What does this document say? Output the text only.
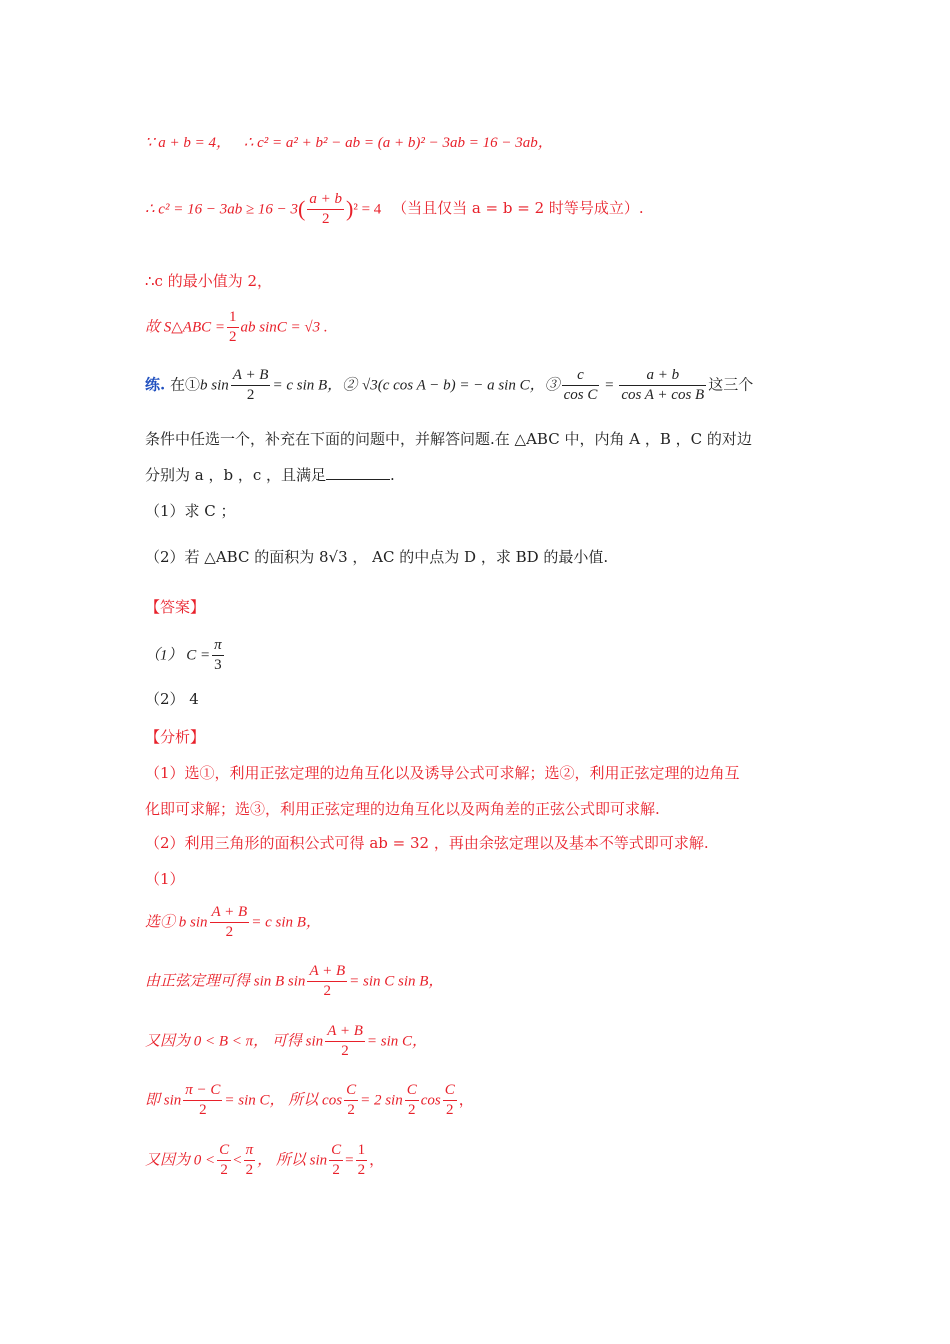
∵ a + b = 4， ∴ c² = a² + b² − ab = (a + b)² − 3ab = 16 − 3ab，
∴ $c^2 = 16 - 3ab \ge 16 - 3( \frac{a + b}{2} )^2 = 4$ （当且仅当 a = b = 2 时等号成立）.
∴c 的最小值为 2，
故 S△ABC = $\frac{1}{2}$ ab sinC = √3 .
练. 在①b $\sin \frac{A + B}{2} = c$ sin B，② √3(c cos A − b) = − a sin C，③ $\frac{c}{\text{cos C}} = \frac{a + b}{\text{cos A + cos B}}$ 这三个
条件中任选一个，补充在下面的问题中，并解答问题.在 △ABC 中，内角 A ，B ，C 的对边
分别为 a ，b ，c ，且满足	.
（1）求 C ；
（2）若 △ABC 的面积为 8√3 ， AC 的中点为 D ，求 BD 的最小值.
【答案】
（1） $C = \frac{\pi}{3}$
（2） 4
【分析】
（1）选①，利用正弦定理的边角互化以及诱导公式可求解；选②，利用正弦定理的边角互
化即可求解；选③，利用正弦定理的边角互化以及两角差的正弦公式即可求解.
（2）利用三角形的面积公式可得 ab = 32 ，再由余弦定理以及基本不等式即可求解.
（1）
选① b $\sin \frac{A + B}{2} = c$ sin B，
由正弦定理可得 sin B $\sin \frac{A + B}{2} = \sin C$ sin B，
又因为 0 < B < π， 可得 $\sin \frac{A + B}{2} = \sin C$，
即 $\sin \frac{\pi - C}{2} = \sin C$， 所以 $\cos \frac{C}{2} = 2$ $\sin \frac{C}{2}$ $\cos \frac{C}{2}$ ，
又因为 $0 < \frac{C}{2} < \frac{\pi}{2}$ ， 所以 $\sin \frac{C}{2} = \frac{1}{2}$ ，
